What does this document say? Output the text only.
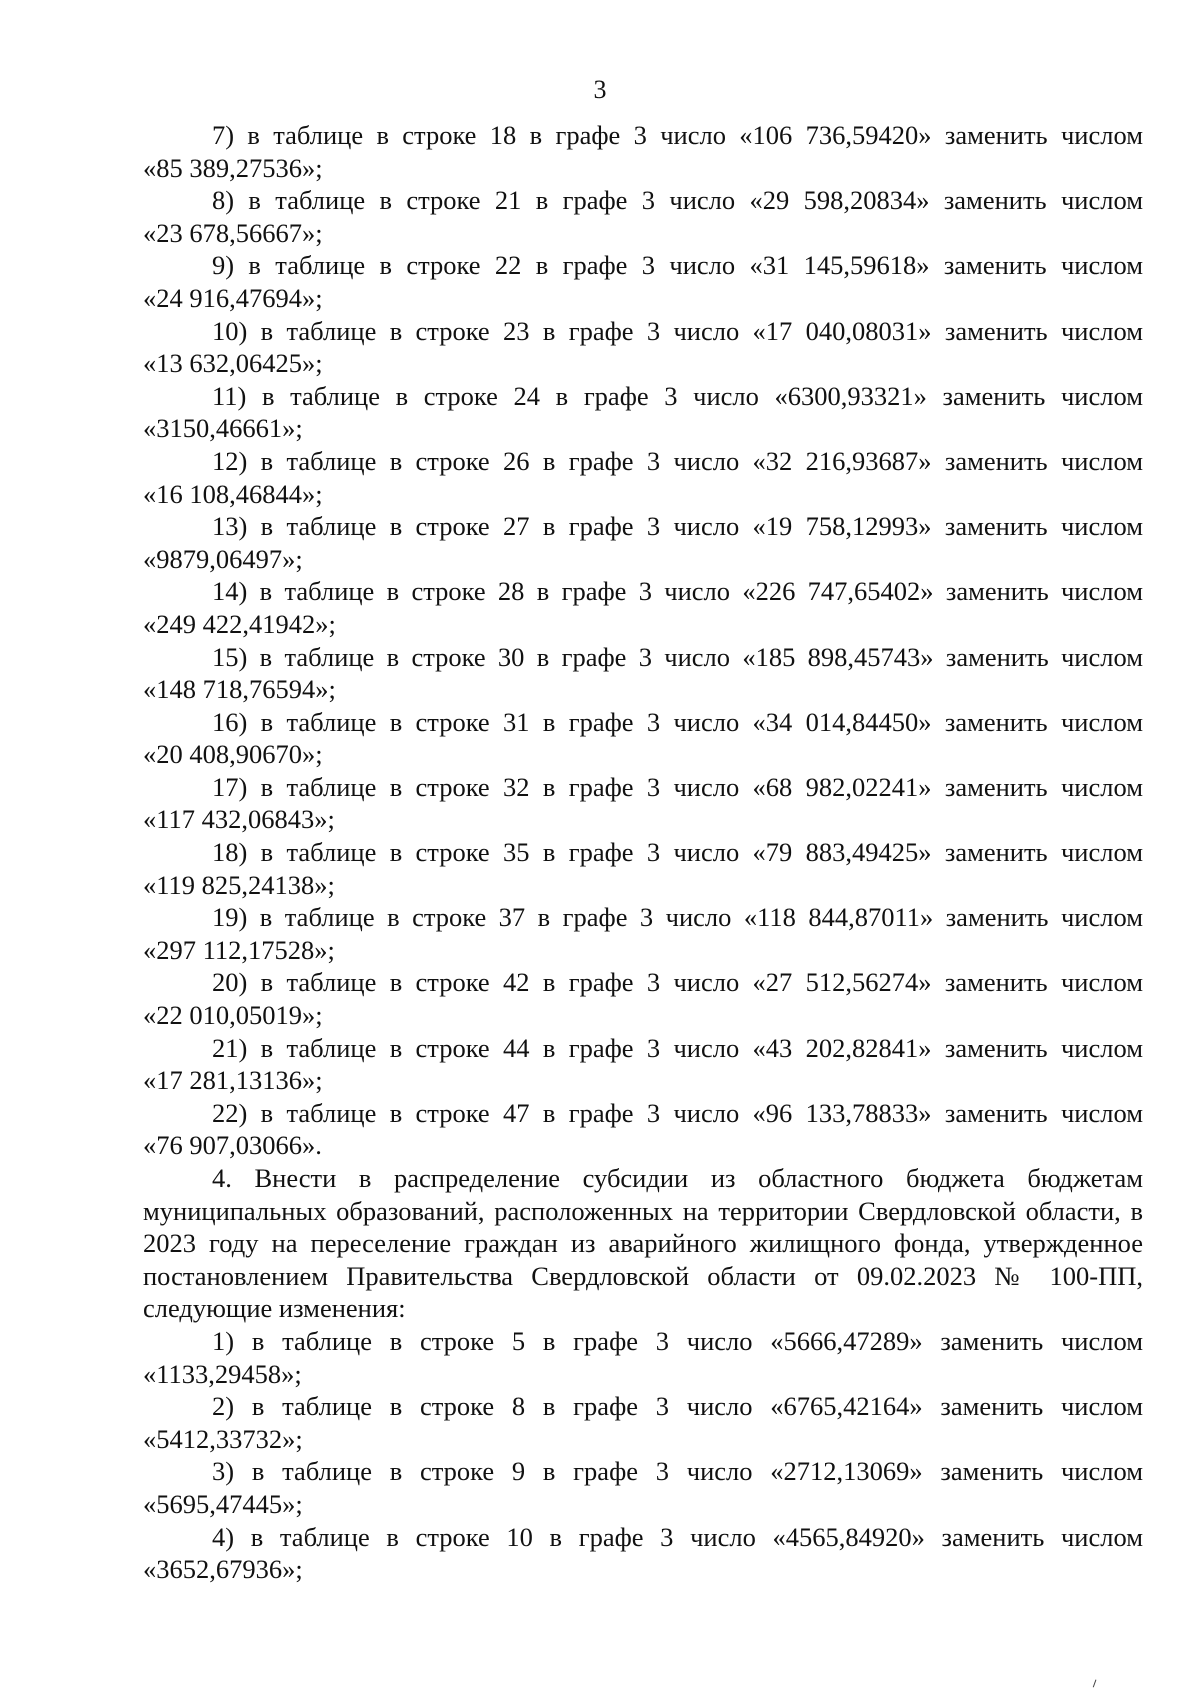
3
7) в таблице в строке 18 в графе 3 число «106 736,59420» заменить числом
«85 389,27536»;
8) в таблице в строке 21 в графе 3 число «29 598,20834» заменить числом
«23 678,56667»;
9) в таблице в строке 22 в графе 3 число «31 145,59618» заменить числом
«24 916,47694»;
10) в таблице в строке 23 в графе 3 число «17 040,08031» заменить числом
«13 632,06425»;
11) в таблице в строке 24 в графе 3 число «6300,93321» заменить числом
«3150,46661»;
12) в таблице в строке 26 в графе 3 число «32 216,93687» заменить числом
«16 108,46844»;
13) в таблице в строке 27 в графе 3 число «19 758,12993» заменить числом
«9879,06497»;
14) в таблице в строке 28 в графе 3 число «226 747,65402» заменить числом
«249 422,41942»;
15) в таблице в строке 30 в графе 3 число «185 898,45743» заменить числом
«148 718,76594»;
16) в таблице в строке 31 в графе 3 число «34 014,84450» заменить числом
«20 408,90670»;
17) в таблице в строке 32 в графе 3 число «68 982,02241» заменить числом
«117 432,06843»;
18) в таблице в строке 35 в графе 3 число «79 883,49425» заменить числом
«119 825,24138»;
19) в таблице в строке 37 в графе 3 число «118 844,87011» заменить числом
«297 112,17528»;
20) в таблице в строке 42 в графе 3 число «27 512,56274» заменить числом
«22 010,05019»;
21) в таблице в строке 44 в графе 3 число «43 202,82841» заменить числом
«17 281,13136»;
22) в таблице в строке 47 в графе 3 число «96 133,78833» заменить числом
«76 907,03066».

4. Внести в распределение субсидии из областного бюджета бюджетам муниципальных образований, расположенных на территории Свердловской области, в 2023 году на переселение граждан из аварийного жилищного фонда, утвержденное постановлением Правительства Свердловской области от 09.02.2023 № 100-ПП, следующие изменения:

1) в таблице в строке 5 в графе 3 число «5666,47289» заменить числом
«1133,29458»;
2) в таблице в строке 8 в графе 3 число «6765,42164» заменить числом
«5412,33732»;
3) в таблице в строке 9 в графе 3 число «2712,13069» заменить числом
«5695,47445»;
4) в таблице в строке 10 в графе 3 число «4565,84920» заменить числом
«3652,67936»;
